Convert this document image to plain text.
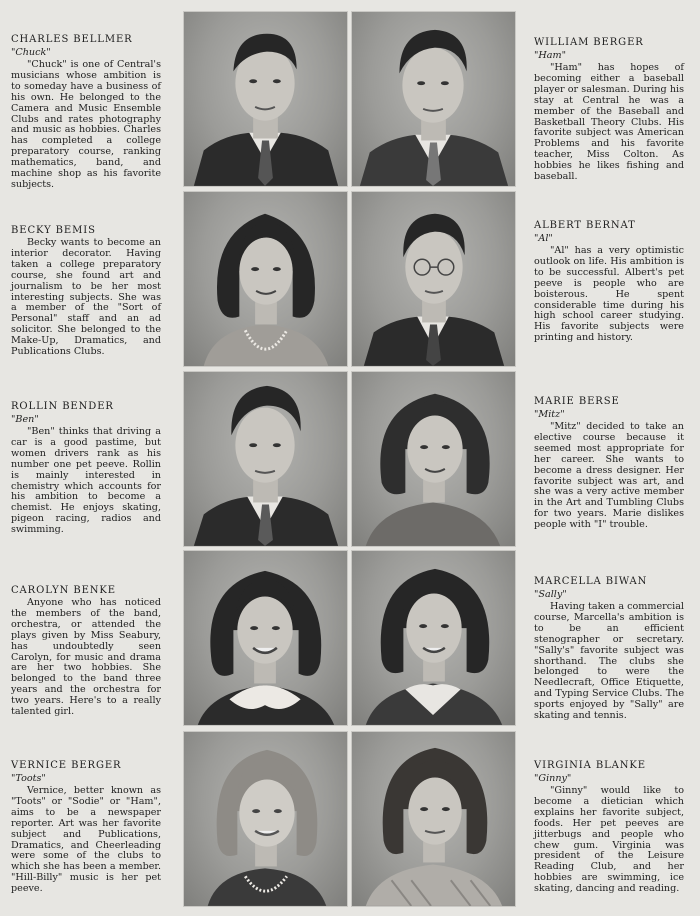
CHARLES BELLMER
"Chuck"
"Chuck" is one of Central's musicians whose ambition is to someday have a business of his own. He belonged to the Camera and Music Ensemble Clubs and rates photography and music as hobbies. Charles has completed a college preparatory course, ranking mathematics, band, and machine shop as his favorite subjects.
WILLIAM BERGER
"Ham"
"Ham" has hopes of becoming either a baseball player or salesman. During his stay at Central he was a member of the Baseball and Basketball Theory Clubs. His favorite subject was American Problems and his favorite teacher, Miss Colton. As hobbies he likes fishing and baseball.
BECKY BEMIS
Becky wants to become an interior decorator. Having taken a college preparatory course, she found art and journalism to be her most interesting subjects. She was a member of the "Sort of Personal" staff and an ad solicitor. She belonged to the Make-Up, Dramatics, and Publications Clubs.
ALBERT BERNAT
"Al"
"Al" has a very optimistic outlook on life. His ambition is to be successful. Albert's pet peeve is people who are boisterous. He spent considerable time during his high school career studying. His favorite subjects were printing and history.
ROLLIN BENDER
"Ben"
"Ben" thinks that driving a car is a good pastime, but women drivers rank as his number one pet peeve. Rollin is mainly interested in chemistry which accounts for his ambition to become a chemist. He enjoys skating, pigeon racing, radios and swimming.
MARIE BERSE
"Mitz"
"Mitz" decided to take an elective course because it seemed most appropriate for her career. She wants to become a dress designer. Her favorite subject was art, and she was a very active member in the Art and Tumbling Clubs for two years. Marie dislikes people with "I" trouble.
CAROLYN BENKE
Anyone who has noticed the members of the band, orchestra, or attended the plays given by Miss Seabury, has undoubtedly seen Carolyn, for music and drama are her two hobbies. She belonged to the band three years and the orchestra for two years. Here's to a really talented girl.
MARCELLA BIWAN
"Sally"
Having taken a commercial course, Marcella's ambition is to be an efficient stenographer or secretary. "Sally's" favorite subject was shorthand. The clubs she belonged to were the Needlecraft, Office Etiquette, and Typing Service Clubs. The sports enjoyed by "Sally" are skating and tennis.
VERNICE BERGER
"Toots"
Vernice, better known as "Toots" or "Sodie" or "Ham", aims to be a newspaper reporter. Art was her favorite subject and Publications, Dramatics, and Cheerleading were some of the clubs to which she has been a member. "Hill-Billy" music is her pet peeve.
VIRGINIA BLANKE
"Ginny"
"Ginny" would like to become a dietician which explains her favorite subject, foods. Her pet peeves are jitterbugs and people who chew gum. Virginia was president of the Leisure Reading Club, and her hobbies are swimming, ice skating, dancing and reading.
